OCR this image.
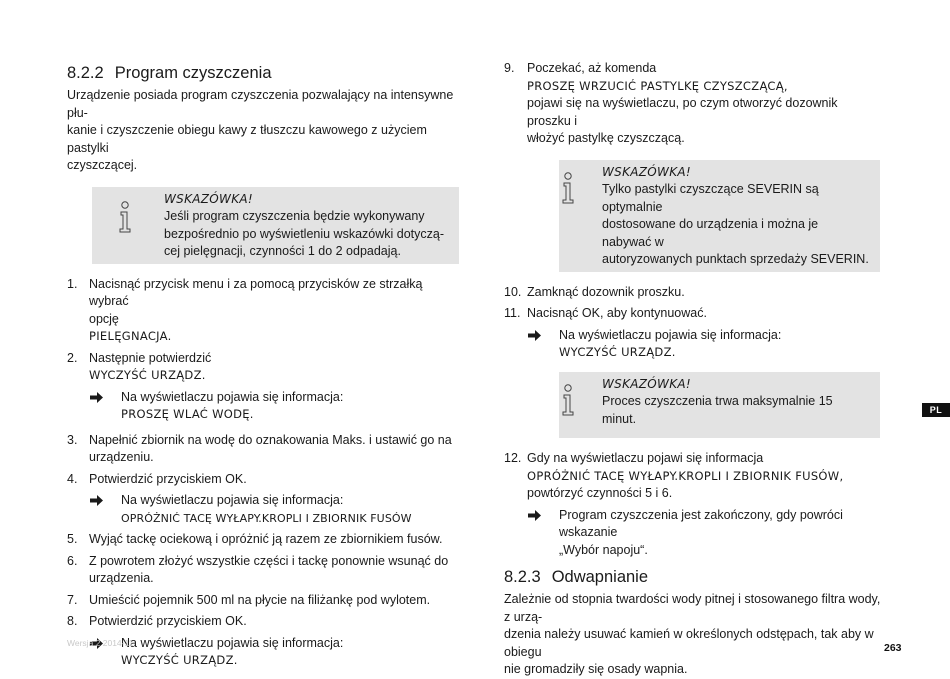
8.2.2 Program czyszczenia

Urządzenie posiada program czyszczenia pozwalający na intensywne płu-
kanie i czyszczenie obiegu kawy z tłuszczu kawowego z użyciem pastylki
czyszczącej.

WSKAZÓWKA!
Jeśli program czyszczenia będzie wykonywany
bezpośrednio po wyświetleniu wskazówki dotyczą-
cej pielęgnacji, czynności 1 do 2 odpadają.
1. Nacisnąć przycisk menu i za pomocą przycisków ze strzałką wybrać
opcję
PIELĘGNACJA.
2. Następnie potwierdzić
WYCZYŚĆ URZĄDZ.
Na wyświetlaczu pojawia się informacja:
PROSZĘ WLAĆ WODĘ.
3. Napełnić zbiornik na wodę do oznakowania Maks. i ustawić go na
urządzeniu.
4. Potwierdzić przyciskiem OK.
Na wyświetlaczu pojawia się informacja:
OPRÓŻNIĆ TACĘ WYŁAPY.KROPLI I ZBIORNIK FUSÓW
5. Wyjąć tackę ociekową i opróżnić ją razem ze zbiornikiem fusów.
6. Z powrotem złożyć wszystkie części i tackę ponownie wsunąć do
urządzenia.
7. Umieścić pojemnik 500 ml na płycie na filiżankę pod wylotem.
8. Potwierdzić przyciskiem OK.
Na wyświetlaczu pojawia się informacja:
WYCZYŚĆ URZĄDZ.
9. Poczekać, aż komenda
PROSZĘ WRZUCIĆ PASTYLKĘ CZYSZCZĄCĄ,
pojawi się na wyświetlaczu, po czym otworzyć dozownik proszku i
włożyć pastylkę czyszczącą.
WSKAZÓWKA!
Tylko pastylki czyszczące SEVERIN są optymalnie
dostosowane do urządzenia i można je nabywać w
autoryzowanych punktach sprzedaży SEVERIN.
10. Zamknąć dozownik proszku.
11. Nacisnąć OK, aby kontynuować.
Na wyświetlaczu pojawia się informacja:
WYCZYŚĆ URZĄDZ.
WSKAZÓWKA!
Proces czyszczenia trwa maksymalnie 15 minut.
12. Gdy na wyświetlaczu pojawi się informacja
OPRÓŻNIĆ TACĘ WYŁAPY.KROPLI I ZBIORNIK FUSÓW,
powtórzyć czynności 5 i 6.
Program czyszczenia jest zakończony, gdy powróci wskazanie
„Wybór napoju“.
8.2.3 Odwapnianie

Zależnie od stopnia twardości wody pitnej i stosowanego filtra wody, z urzą-
dzenia należy usuwać kamień w określonych odstępach, tak aby w obiegu
nie gromadziły się osady wapnia.

PL
Wersja 2 2014-11	263
